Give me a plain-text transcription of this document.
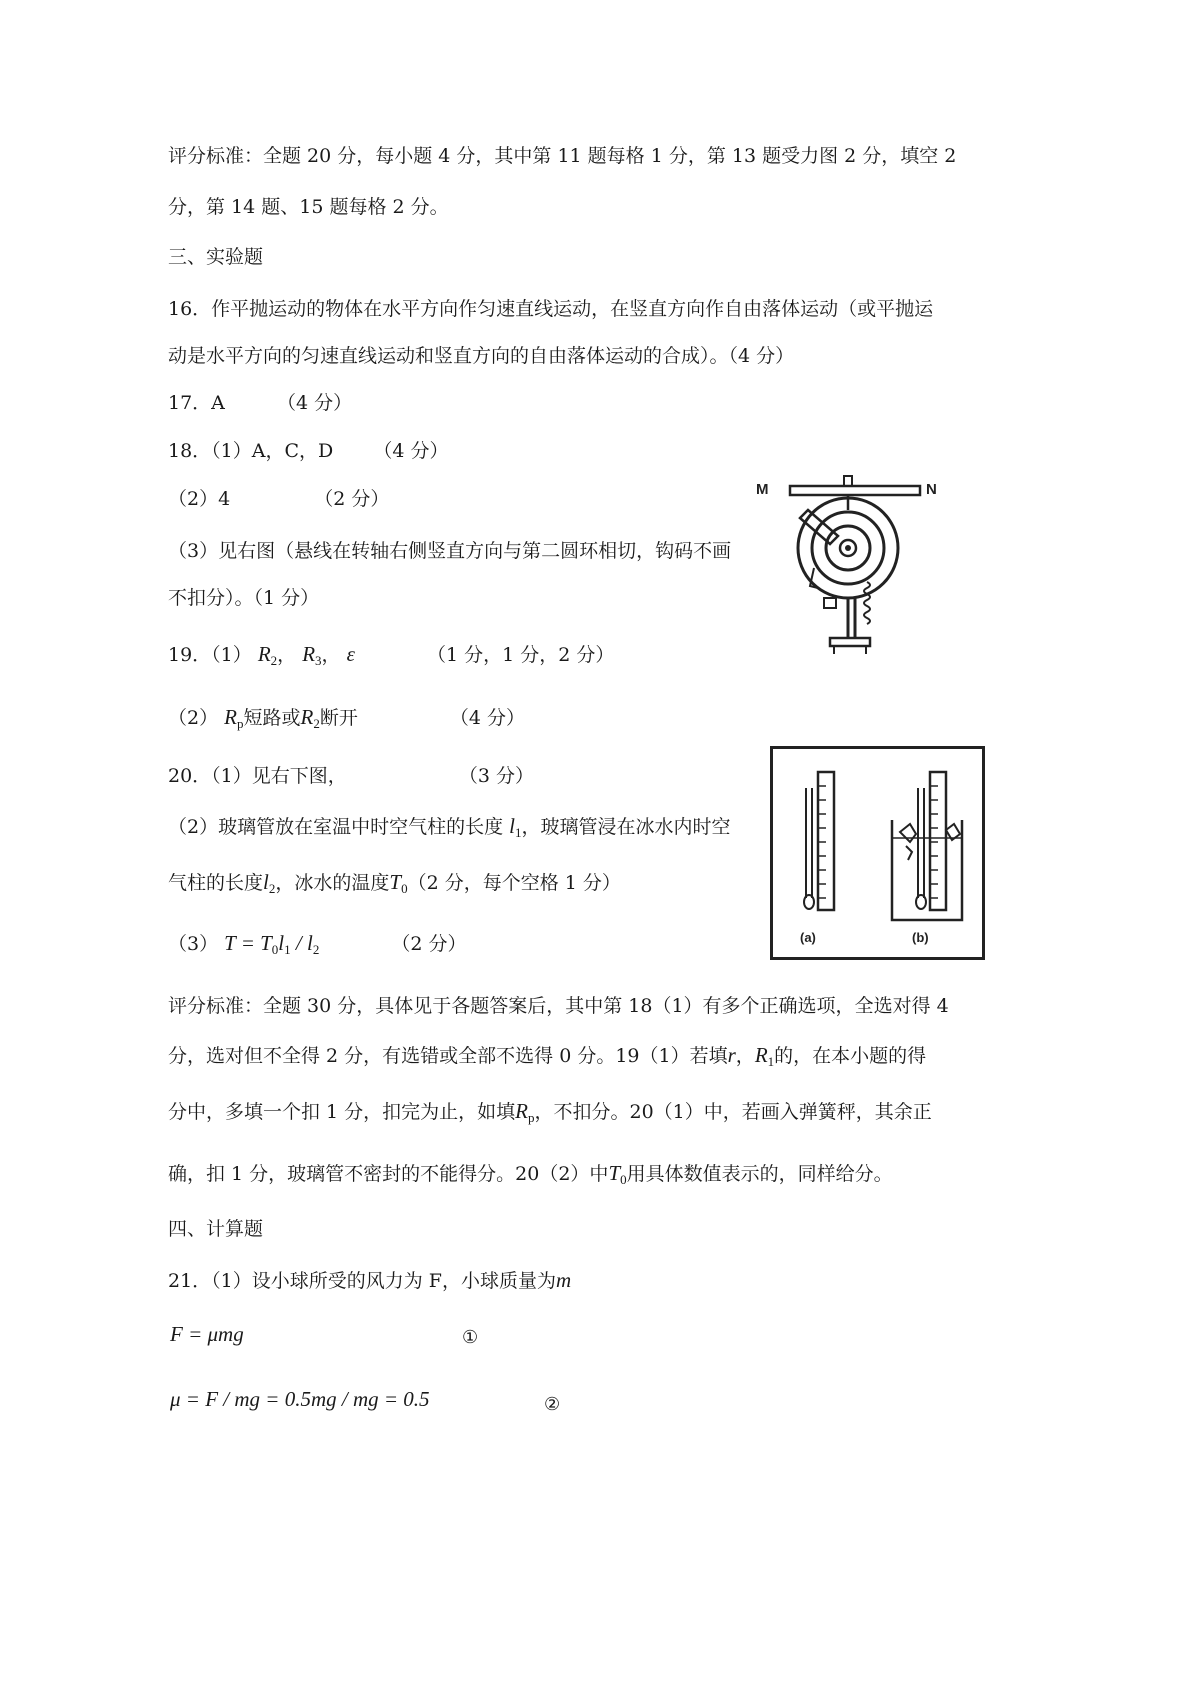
评分标准：全题 20 分，每小题 4 分，其中第 11 题每格 1 分，第 13 题受力图 2 分，填空 2
分，第 14 题、15 题每格 2 分。
三、实验题
16．作平抛运动的物体在水平方向作匀速直线运动，在竖直方向作自由落体运动（或平抛运
动是水平方向的匀速直线运动和竖直方向的自由落体运动的合成）。（4 分）
17．A	（4 分）
18．（1）A，C，D （4 分）
（2）4	（2 分）
（3）见右图（悬线在转轴右侧竖直方向与第二圆环相切，钩码不画
不扣分）。（1 分）
M	N
19．（1） $R_2$， $R_3$， ε	（1 分，1 分，2 分）
（2） $R_p$短路或$R_2$断开	（4 分）
20．（1）见右下图，	（3 分）
（2）玻璃管放在室温中时空气柱的长度 $l_1$，玻璃管浸在冰水内时空
气柱的长度$l_2$，冰水的温度$T_0(2$ 分，每个空格 1 分）
（3） $T = T_0l_1 / l_2$	（2 分）	(a)	(b)
评分标准：全题 30 分，具体见于各题答案后，其中第 18（1）有多个正确选项，全选对得 4
分，选对但不全得 2 分，有选错或全部不选得 0 分。19（1）若填r，$R_1$的，在本小题的得
分中，多填一个扣 1 分，扣完为止，如填$R_p$，不扣分。20（1）中，若画入弹簧秤，其余正
确，扣 1 分，玻璃管不密封的不能得分。20（2）中$T_0$用具体数值表示的，同样给分。
四、计算题
21．（1）设小球所受的风力为 F，小球质量为m
F = μmg	①
μ = F / mg = 0.5mg / mg = 0.5	②
